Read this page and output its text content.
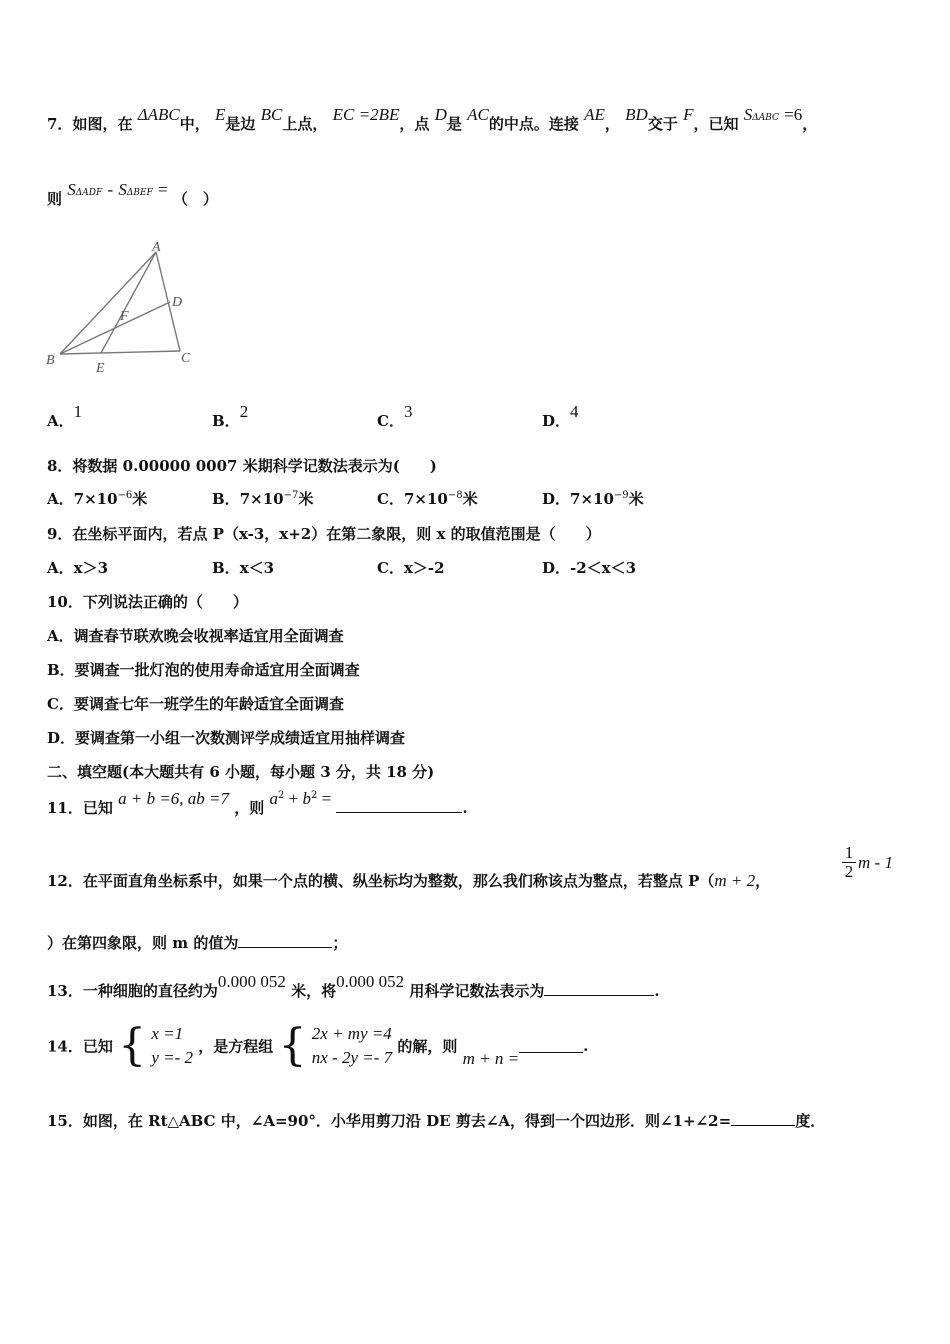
7．如图，在 ΔABC中， E是边 BC上点， EC =2BE，点 D是 AC的中点。连接 AE， BD交于 F，已知 SΔABC =6，
则 SΔADF - SΔBEF = （　）
A
B	C
D
E
F
A．1	B．2	C．3	D．4
8．将数据 0.00000 0007 米期科学记数法表示为(　　)
A．$7\times 10^{-6}$米	B．$7\times 10^{-7}$米	C．$7\times 10^{-8}$米	D．$7\times 10^{-9}$米
9．在坐标平面内，若点 P（x-3，x+2）在第二象限，则 x 的取值范围是（　　）
A．x＞3	B．x＜3	C．x＞-2	D．-2＜x＜3
10．下列说法正确的（　　）
A．调查春节联欢晚会收视率适宜用全面调查
B．要调查一批灯泡的使用寿命适宜用全面调查
C．要调查七年一班学生的年龄适宜全面调查
D．要调查第一小组一次数测评学成绩适宜用抽样调查
二、填空题(本大题共有 6 小题，每小题 3 分，共 18 分)
11．已知 a + b =6, ab =7 ，则 $a^2 + b^2$ =	.
12．在平面直角坐标系中，如果一个点的横、纵坐标均为整数，那么我们称该点为整点，若整点 P（m + 2，
1
2 m - 1
）在第四象限，则 m 的值为	；
13．一种细胞的直径约为0.000 052 米，将0.000 052 用科学记数法表示为	.
14．已知 { x =1
y =- 2
，是方程组 { 2x + my =4
nx - 2y =- 7
的解，则 m + n =.
15．如图，在 Rt△ABC 中，∠A=90°．小华用剪刀沿 DE 剪去∠A，得到一个四边形．则∠1+∠2=	度．
